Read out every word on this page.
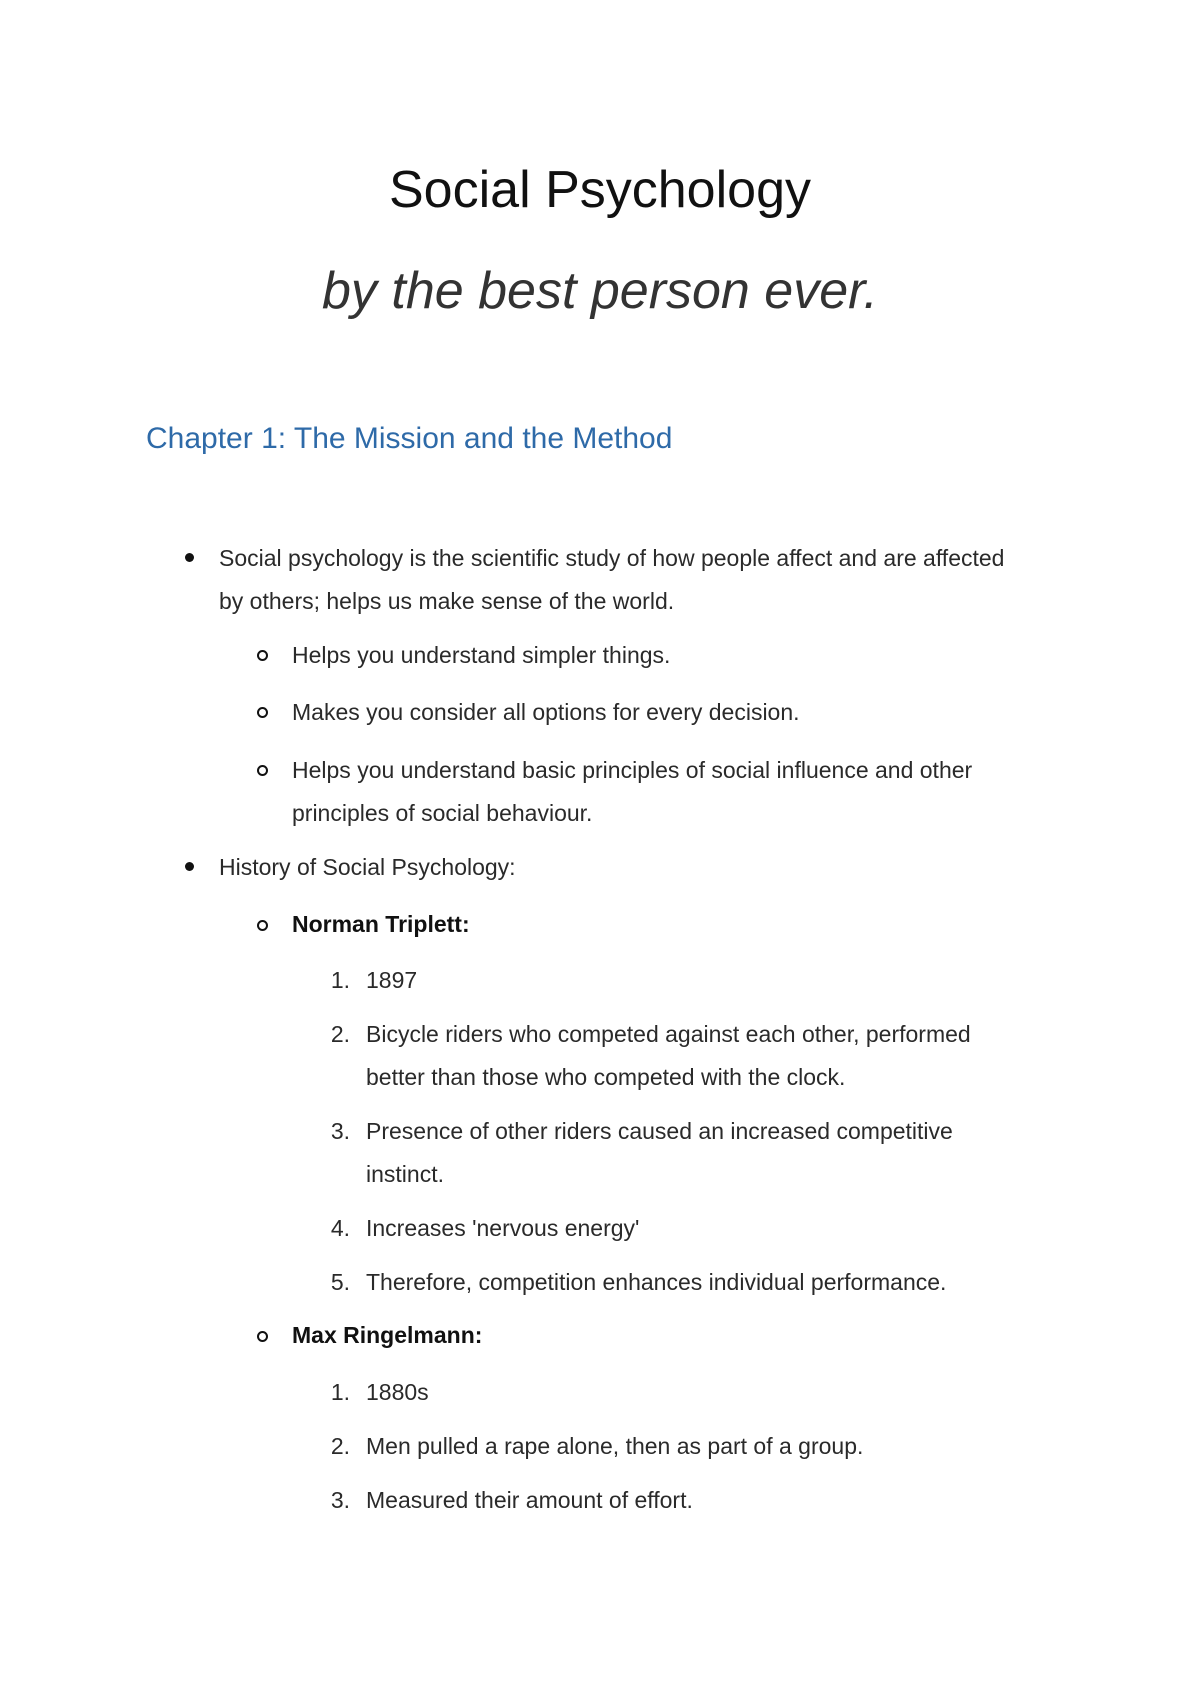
Social Psychology
by the best person ever.
Chapter 1: The Mission and the Method
Social psychology is the scientific study of how people affect and are affected
by others; helps us make sense of the world.
Helps you understand simpler things.
Makes you consider all options for every decision.
Helps you understand basic principles of social influence and other
principles of social behaviour.
History of Social Psychology:
Norman Triplett:
1. 1897
2. Bicycle riders who competed against each other, performed
better than those who competed with the clock.
3. Presence of other riders caused an increased competitive
instinct.
4. Increases 'nervous energy'
5. Therefore, competition enhances individual performance.
Max Ringelmann:
1. 1880s
2. Men pulled a rape alone, then as part of a group.
3. Measured their amount of effort.
